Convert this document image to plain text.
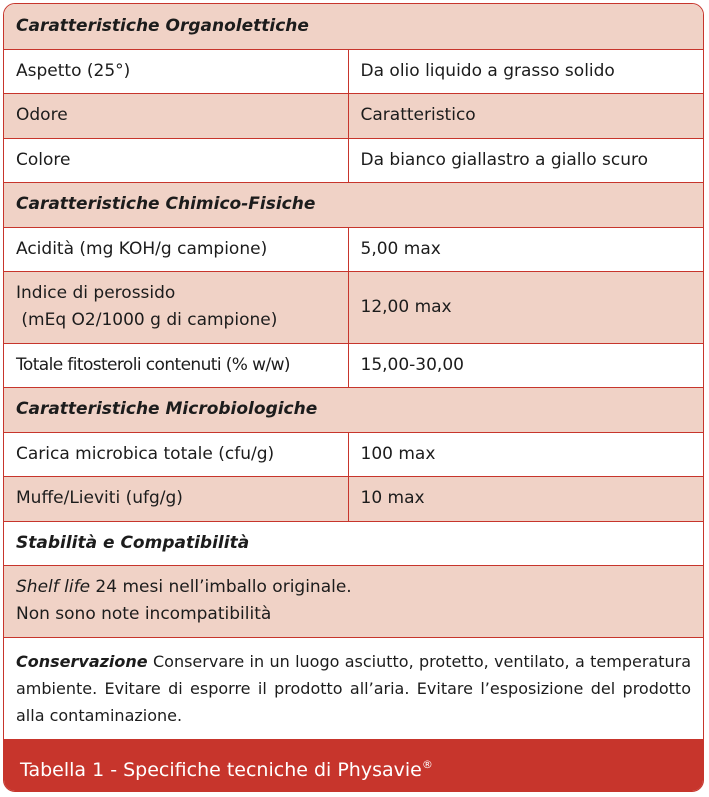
Caratteristiche Organolettiche	
Aspetto (25°)	Da olio liquido a grasso solido
Odore	Caratteristico
Colore	Da bianco giallastro a giallo scuro
Caratteristiche Chimico-Fisiche	
Acidità (mg KOH/g campione)	5,00 max

Indice di perossido
(mEq O2/1000 g di campione)	12,00 max
Totale fitosteroli contenuti (% w/w)	15,00-30,00
Caratteristiche Microbiologiche	
Carica microbica totale (cfu/g)	100 max
Muffe/Lieviti (ufg/g)	10 max
Stabilità e Compatibilità	

Shelf life 24 mesi nell’imballo originale.
Non sono note incompatibilità	
Conservazione Conservare in un luogo asciutto, protetto, ventilato, a temperatura ambiente. Evitare di esporre il prodotto all’aria. Evitare l’esposizione del prodotto alla contaminazione.
Tabella 1 - Specifiche tecniche di Physavie®
